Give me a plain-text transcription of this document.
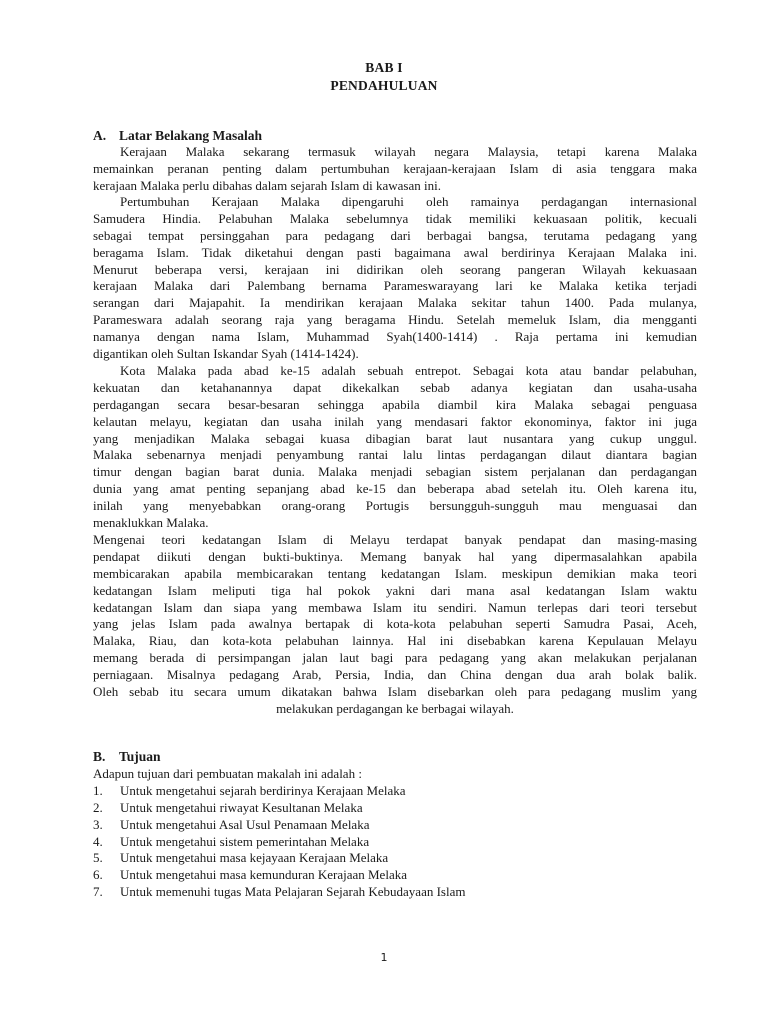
BAB I
PENDAHULUAN
A. Latar Belakang Masalah
Kerajaan Malaka sekarang termasuk wilayah negara Malaysia, tetapi karena Malaka
memainkan peranan penting dalam pertumbuhan kerajaan-kerajaan Islam di asia tenggara maka
kerajaan Malaka perlu dibahas dalam sejarah Islam di kawasan ini.
Pertumbuhan Kerajaan Malaka dipengaruhi oleh ramainya perdagangan internasional
Samudera Hindia. Pelabuhan Malaka sebelumnya tidak memiliki kekuasaan politik, kecuali
sebagai tempat persinggahan para pedagang dari berbagai bangsa, terutama pedagang yang
beragama Islam. Tidak diketahui dengan pasti bagaimana awal berdirinya Kerajaan Malaka ini.
Menurut beberapa versi, kerajaan ini didirikan oleh seorang pangeran Wilayah kekuasaan
kerajaan Malaka dari Palembang bernama Parameswarayang lari ke Malaka ketika terjadi
serangan dari Majapahit. Ia mendirikan kerajaan Malaka sekitar tahun 1400. Pada mulanya,
Parameswara adalah seorang raja yang beragama Hindu. Setelah memeluk Islam, dia mengganti
namanya dengan nama Islam, Muhammad Syah(1400-1414) . Raja pertama ini kemudian
digantikan oleh Sultan Iskandar Syah (1414-1424).
Kota Malaka pada abad ke-15 adalah sebuah entrepot. Sebagai kota atau bandar pelabuhan,
kekuatan dan ketahanannya dapat dikekalkan sebab adanya kegiatan dan usaha-usaha
perdagangan secara besar-besaran sehingga apabila diambil kira Malaka sebagai penguasa
kelautan melayu, kegiatan dan usaha inilah yang mendasari faktor ekonominya, faktor ini juga
yang menjadikan Malaka sebagai kuasa dibagian barat laut nusantara yang cukup unggul.
Malaka sebenarnya menjadi penyambung rantai lalu lintas perdagangan dilaut diantara bagian
timur dengan bagian barat dunia. Malaka menjadi sebagian sistem perjalanan dan perdagangan
dunia yang amat penting sepanjang abad ke-15 dan beberapa abad setelah itu. Oleh karena itu,
inilah yang menyebabkan orang-orang Portugis bersungguh-sungguh mau menguasai dan
menaklukkan Malaka.
Mengenai teori kedatangan Islam di Melayu terdapat banyak pendapat dan masing-masing
pendapat diikuti dengan bukti-buktinya. Memang banyak hal yang dipermasalahkan apabila
membicarakan apabila membicarakan tentang kedatangan Islam. meskipun demikian maka teori
kedatangan Islam meliputi tiga hal pokok yakni dari mana asal kedatangan Islam waktu
kedatangan Islam dan siapa yang membawa Islam itu sendiri. Namun terlepas dari teori tersebut
yang jelas Islam pada awalnya bertapak di kota-kota pelabuhan seperti Samudra Pasai, Aceh,
Malaka, Riau, dan kota-kota pelabuhan lainnya. Hal ini disebabkan karena Kepulauan Melayu
memang berada di persimpangan jalan laut bagi para pedagang yang akan melakukan perjalanan
perniagaan. Misalnya pedagang Arab, Persia, India, dan China dengan dua arah bolak balik.
Oleh sebab itu secara umum dikatakan bahwa Islam disebarkan oleh para pedagang muslim yang
melakukan perdagangan ke berbagai wilayah.
B. Tujuan
Adapun tujuan dari pembuatan makalah ini adalah :
1. Untuk mengetahui sejarah berdirinya Kerajaan Melaka
2. Untuk mengetahui riwayat Kesultanan Melaka
3. Untuk mengetahui Asal Usul Penamaan Melaka
4. Untuk mengetahui sistem pemerintahan Melaka
5. Untuk mengetahui masa kejayaan Kerajaan Melaka
6. Untuk mengetahui masa kemunduran Kerajaan Melaka
7. Untuk memenuhi tugas Mata Pelajaran Sejarah Kebudayaan Islam
1
